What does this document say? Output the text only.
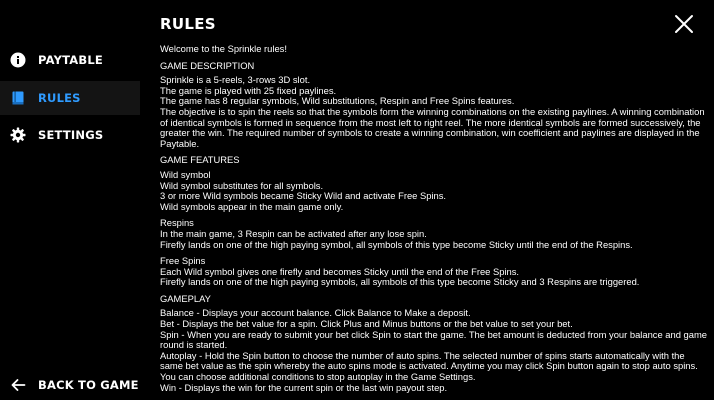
PAYTABLE
RULES
SETTINGS
BACK TO GAME
RULES

Welcome to the Sprinkle rules!

GAME DESCRIPTION

Sprinkle is a 5-reels, 3-rows 3D slot.

The game is played with 25 fixed paylines.

The game has 8 regular symbols, Wild substitutions, Respin and Free Spins features.

The objective is to spin the reels so that the symbols form the winning combinations on the existing paylines. A winning combination of identical symbols is formed in sequence from the most left to right reel. The more identical symbols are formed successively, the greater the win. The required number of symbols to create a winning combination, win coefficient and paylines are displayed in the Paytable.

GAME FEATURES

Wild symbol

Wild symbol substitutes for all symbols.

3 or more Wild symbols became Sticky Wild and activate Free Spins.

Wild symbols appear in the main game only.

Respins

In the main game, 3 Respin can be activated after any lose spin.

Firefly lands on one of the high paying symbol, all symbols of this type become Sticky until the end of the Respins.

Free Spins

Each Wild symbol gives one firefly and becomes Sticky until the end of the Free Spins.

Firefly lands on one of the high paying symbols, all symbols of this type become Sticky and 3 Respins are triggered.

GAMEPLAY

Balance - Displays your account balance. Click Balance to Make a deposit.

Bet - Displays the bet value for a spin. Click Plus and Minus buttons or the bet value to set your bet.

Spin - When you are ready to submit your bet click Spin to start the game. The bet amount is deducted from your balance and game round is started.

Autoplay - Hold the Spin button to choose the number of auto spins. The selected number of spins starts automatically with the same bet value as the spin whereby the auto spins mode is activated. Anytime you may click Spin button again to stop auto spins. You can choose additional conditions to stop autoplay in the Game Settings.

Win - Displays the win for the current spin or the last win payout step.
